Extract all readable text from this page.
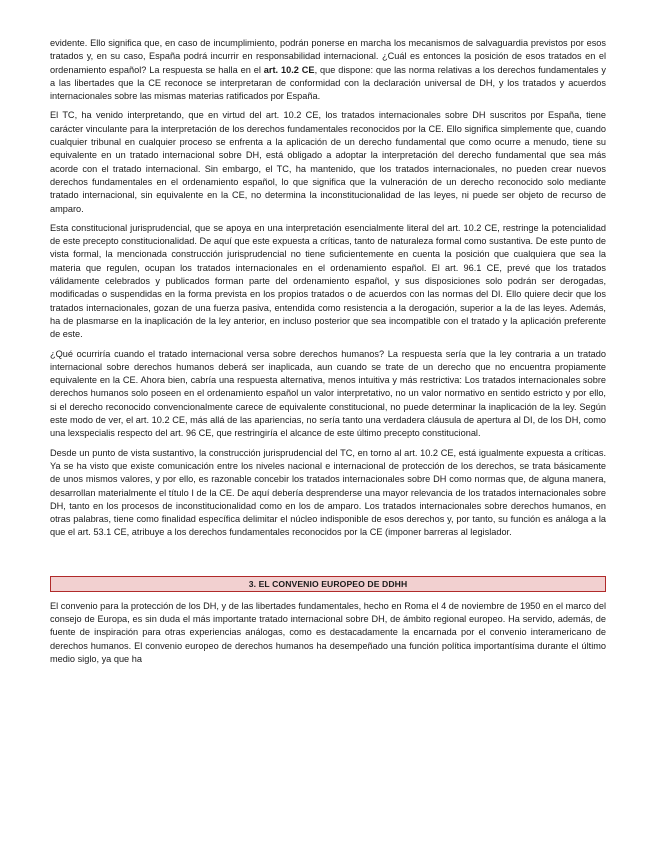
evidente. Ello significa que, en caso de incumplimiento, podrán ponerse en marcha los mecanismos de salvaguardia previstos por esos tratados y, en su caso, España podrá incurrir en responsabilidad internacional. ¿Cuál es entonces la posición de esos tratados en el ordenamiento español? La respuesta se halla en el art. 10.2 CE, que dispone: que las norma relativas a los derechos fundamentales y a las libertades que la CE reconoce se interpretaran de conformidad con la declaración universal de DH, y los tratados y acuerdos internacionales sobre las mismas materias ratificados por España.

El TC, ha venido interpretando, que en virtud del art. 10.2 CE, los tratados internacionales sobre DH suscritos por España, tiene carácter vinculante para la interpretación de los derechos fundamentales reconocidos por la CE. Ello significa simplemente que, cuando cualquier tribunal en cualquier proceso se enfrenta a la aplicación de un derecho fundamental que como ocurre a menudo, tiene su equivalente en un tratado internacional sobre DH, está obligado a adoptar la interpretación del derecho fundamental que sea más acorde con el tratado internacional. Sin embargo, el TC, ha mantenido, que los tratados internacionales, no pueden crear nuevos derechos fundamentales en el ordenamiento español, lo que significa que la vulneración de un derecho reconocido solo mediante tratado internacional, sin equivalente en la CE, no determina la inconstitucionalidad de las leyes, ni puede ser objeto de recurso de amparo.

Esta constitucional jurisprudencial, que se apoya en una interpretación esencialmente literal del art. 10.2 CE, restringe la potencialidad de este precepto constitucionalidad. De aquí que este expuesta a críticas, tanto de naturaleza formal como sustantiva. De este punto de vista formal, la mencionada construcción jurisprudencial no tiene suficientemente en cuenta la posición que cualquiera que sea la materia que regulen, ocupan los tratados internacionales en el ordenamiento español. El art. 96.1 CE, prevé que los tratados válidamente celebrados y publicados forman parte del ordenamiento español, y sus disposiciones solo podrán ser derogadas, modificadas o suspendidas en la forma prevista en los propios tratados o de acuerdos con las normas del DI. Ello quiere decir que los tratados internacionales, gozan de una fuerza pasiva, entendida como resistencia a la derogación, superior a la de las leyes. Además, ha de plasmarse en la inaplicación de la ley anterior, en incluso posterior que sea incompatible con el tratado y la aplicación preferente de este.

¿Qué ocurriría cuando el tratado internacional versa sobre derechos humanos? La respuesta sería que la ley contraria a un tratado internacional sobre derechos humanos deberá ser inaplicada, aun cuando se trate de un derecho que no encuentra propiamente equivalente en la CE. Ahora bien, cabría una respuesta alternativa, menos intuitiva y más restrictiva: Los tratados internacionales sobre derechos humanos solo poseen en el ordenamiento español un valor interpretativo, no un valor normativo en sentido estricto y por ello, si el derecho reconocido convencionalmente carece de equivalente constitucional, no puede determinar la inaplicación de la ley. Según este modo de ver, el art. 10.2 CE, más allá de las apariencias, no sería tanto una verdadera cláusula de apertura al DI, de los DH, como una lexspecialis respecto del art. 96 CE, que restringiría el alcance de este último precepto constitucional.

Desde un punto de vista sustantivo, la construcción jurisprudencial del TC, en torno al art. 10.2 CE, está igualmente expuesta a críticas. Ya se ha visto que existe comunicación entre los niveles nacional e internacional de protección de los derechos, se trata básicamente de unos mismos valores, y por ello, es razonable concebir los tratados internacionales sobre DH como normas que, de alguna manera, desarrollan materialmente el título I de la CE. De aquí debería desprenderse una mayor relevancia de los tratados internacionales sobre DH, tanto en los procesos de inconstitucionalidad como en los de amparo. Los tratados internacionales sobre derechos humanos, en otras palabras, tiene como finalidad específica delimitar el núcleo indisponible de esos derechos y, por tanto, su función es análoga a la que el art. 53.1 CE, atribuye a los derechos fundamentales reconocidos por la CE (imponer barreras al legislador.

3. EL CONVENIO EUROPEO DE DDHH

El convenio para la protección de los DH, y de las libertades fundamentales, hecho en Roma el 4 de noviembre de 1950 en el marco del consejo de Europa, es sin duda el más importante tratado internacional sobre DH, de ámbito regional europeo. Ha servido, además, de fuente de inspiración para otras experiencias análogas, como es destacadamente la encarnada por el convenio interamericano de derechos humanos. El convenio europeo de derechos humanos ha desempeñado una función política importantísima durante el último medio siglo, ya que ha
